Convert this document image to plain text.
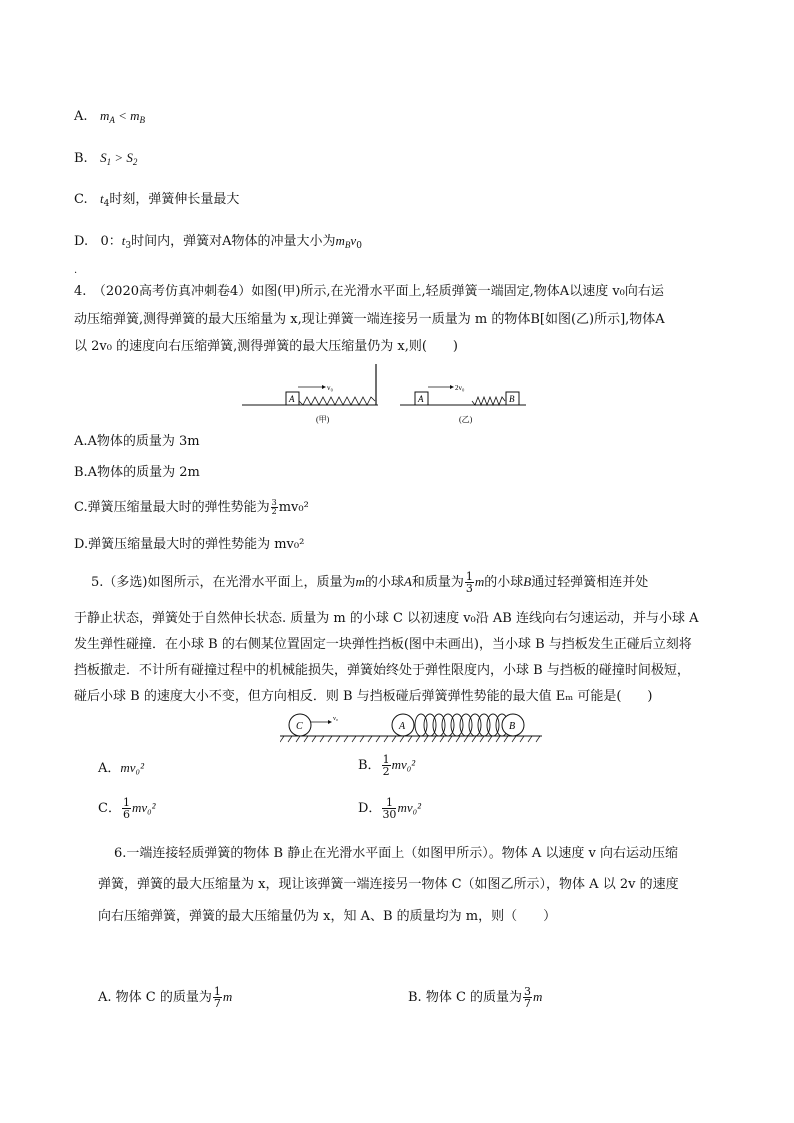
A. $m_A < m_B$
B. $S_1 > S_2$
C. $t_4$时刻，弹簧伸长量最大
D. 0：$t_3$时间内，弹簧对A物体的冲量大小为$m_Bv_0$
.
4.　（2020高考仿真冲刺卷4）如图(甲)所示,在光滑水平面上,轻质弹簧一端固定,物体A以速度 v₀向右运
动压缩弹簧,测得弹簧的最大压缩量为 x,现让弹簧一端连接另一质量为 m 的物体B[如图(乙)所示],物体A
以 2v₀ 的速度向右压缩弹簧,测得弹簧的最大压缩量仍为 x,则(　　)
A
v₀
(甲)
A	B
2v₀
(乙)
A.A物体的质量为 3m
B.A物体的质量为 2m
C.弹簧压缩量最大时的弹性势能为 $\frac{3}{2} mv_0^2$
D.弹簧压缩量最大时的弹性势能为 mv₀²
5.（多选)如图所示，在光滑水平面上，质量为m的小球A和质量为 $\frac{1}{3}$ m的小球B通过轻弹簧相连并处
于静止状态，弹簧处于自然伸长状态. 质量为 m 的小球 C 以初速度 v₀沿 AB 连线向右匀速运动，并与小球 A
发生弹性碰撞．在小球 B 的右侧某位置固定一块弹性挡板(图中未画出)，当小球 B 与挡板发生正碰后立刻将
挡板撤走．不计所有碰撞过程中的机械能损失，弹簧始终处于弹性限度内，小球 B 与挡板的碰撞时间极短，
碰后小球 B 的速度大小不变，但方向相反．则 B 与挡板碰后弹簧弹性势能的最大值 Eₘ 可能是(　　)
C
v₀
A	B
A．mv₀²	B． $\frac{1}{2} mv_0^2$
C． $\frac{1}{6} mv_0^2$	D． $\frac{1}{30} mv_0^2$
6.一端连接轻质弹簧的物体 B 静止在光滑水平面上（如图甲所示）。物体 A 以速度 v 向右运动压缩
弹簧，弹簧的最大压缩量为 x，现让该弹簧一端连接另一物体 C（如图乙所示），物体 A 以 2v 的速度
向右压缩弹簧，弹簧的最大压缩量仍为 x，知 A、B 的质量均为 m，则（　　）
A. 物体 C 的质量为 $\frac{1}{7}$ m	B. 物体 C 的质量为 $\frac{3}{7}$ m
